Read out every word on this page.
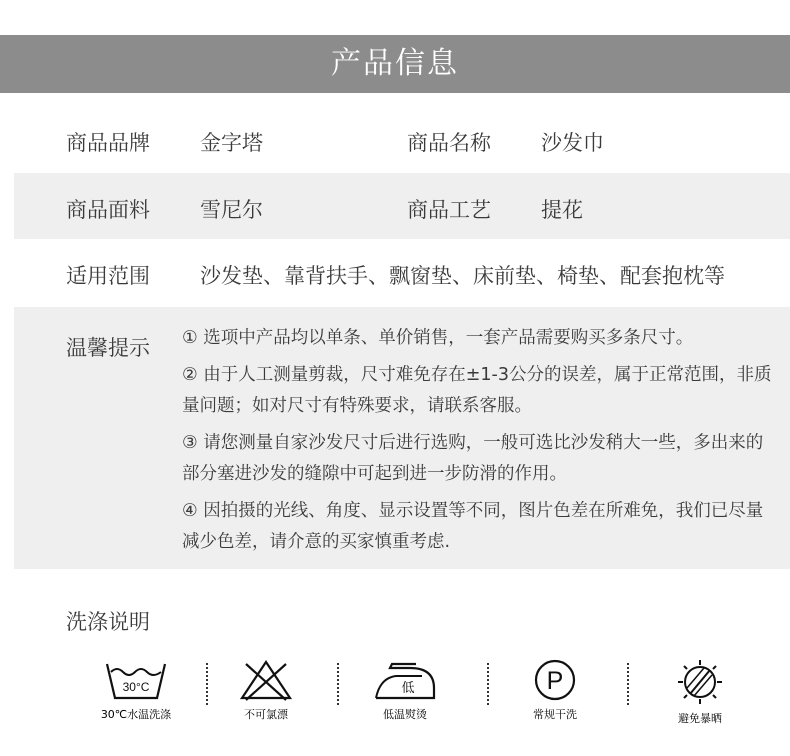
产品信息
商品品牌 金字塔	商品名称 沙发巾
商品面料 雪尼尔	商品工艺 提花
适用范围 沙发垫、靠背扶手、飘窗垫、床前垫、椅垫、配套抱枕等
温馨提示 ① 选项中产品均以单条、单价销售，一套产品需要购买多条尺寸。
② 由于人工测量剪裁，尺寸难免存在±1-3公分的误差，属于正常范围，非质量问题；如对尺寸有特殊要求，请联系客服。
③ 请您测量自家沙发尺寸后进行选购，一般可选比沙发稍大一些，多出来的部分塞进沙发的缝隙中可起到进一步防滑的作用。
④ 因拍摄的光线、角度、显示设置等不同，图片色差在所难免，我们已尽量减少色差，请介意的买家慎重考虑.
洗涤说明
30°C
30℃水温洗涤	不可氯漂
低
低温熨烫
P
常规干洗	避免暴晒
